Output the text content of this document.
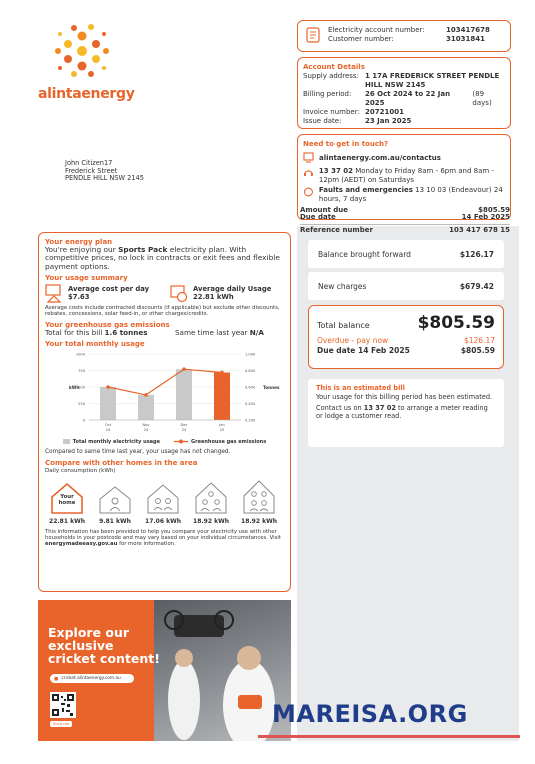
alintaenergy
John Citizen17
Frederick Street
PENDLE HILL NSW 2145
Electricity account number:	103417678
Customer number:	31031841
Account Details
Supply address: 1 17A FREDERICK STREET PENDLE HILL NSW 2145
Billing period:	26 Oct 2024 to 22 Jan 2025

(89 days)
Invoice number: 20721001
Issue date:	23 Jan 2025
Need to get in touch?
alintaenergy.com.au/contactus
13 37 02 Monday to Friday 8am - 6pm and 8am - 12pm (AEDT) on Saturdays
Faults and emergencies 13 10 03 (Endeavour) 24 hours, 7 days
Amount due	$805.59
Due date	14 Feb 2025
Reference number	103 417 678 15
Balance brought forward	$126.17
New charges	$679.42
Total balance	$805.59
Overdue - pay now	$126.17
Due date 14 Feb 2025	$805.59
This is an estimated bill
Your usage for this billing period has been estimated.
Contact us on 13 37 02 to arrange a meter reading or lodge a customer read.
Your energy plan
You're enjoying our Sports Pack electricity plan. With competitive prices, no lock in contracts or exit fees and flexible payment options.
Your usage summary
Average cost per day
$7.63
Average daily Usage
22.81 kWh
Average costs include contracted discounts (if applicable) but exclude other discounts, rebates, concessions, solar feed-in, or other charges/credits.
Your greenhouse gas emissions
Total for this bill 1.6 tonnes	Same time last year N/A
Your total monthly usage
1000
750
500
250
0
1.000
0.800
0.600
0.400
0.200
kWh	Tonnes
Oct
24
Nov
24
Dec
24
Jan
25
Total monthly electricity usage	Greenhouse gas emissions
Compared to same time last year, your usage has not changed.
Compare with other homes in the area
Daily consumption (kWh)
Your home
22.81 kWh 9.81 kWh 17.06 kWh 18.92 kWh 18.92 kWh
This information has been provided to help you compare your electricity use with other households in your postcode and may vary based on your individual circumstances. Visit energymadeeasy.gov.au for more information.
Explore our
exclusive
cricket content!
● cricket.alintaenergy.com.au
Scan me	MAREISA.ORG
